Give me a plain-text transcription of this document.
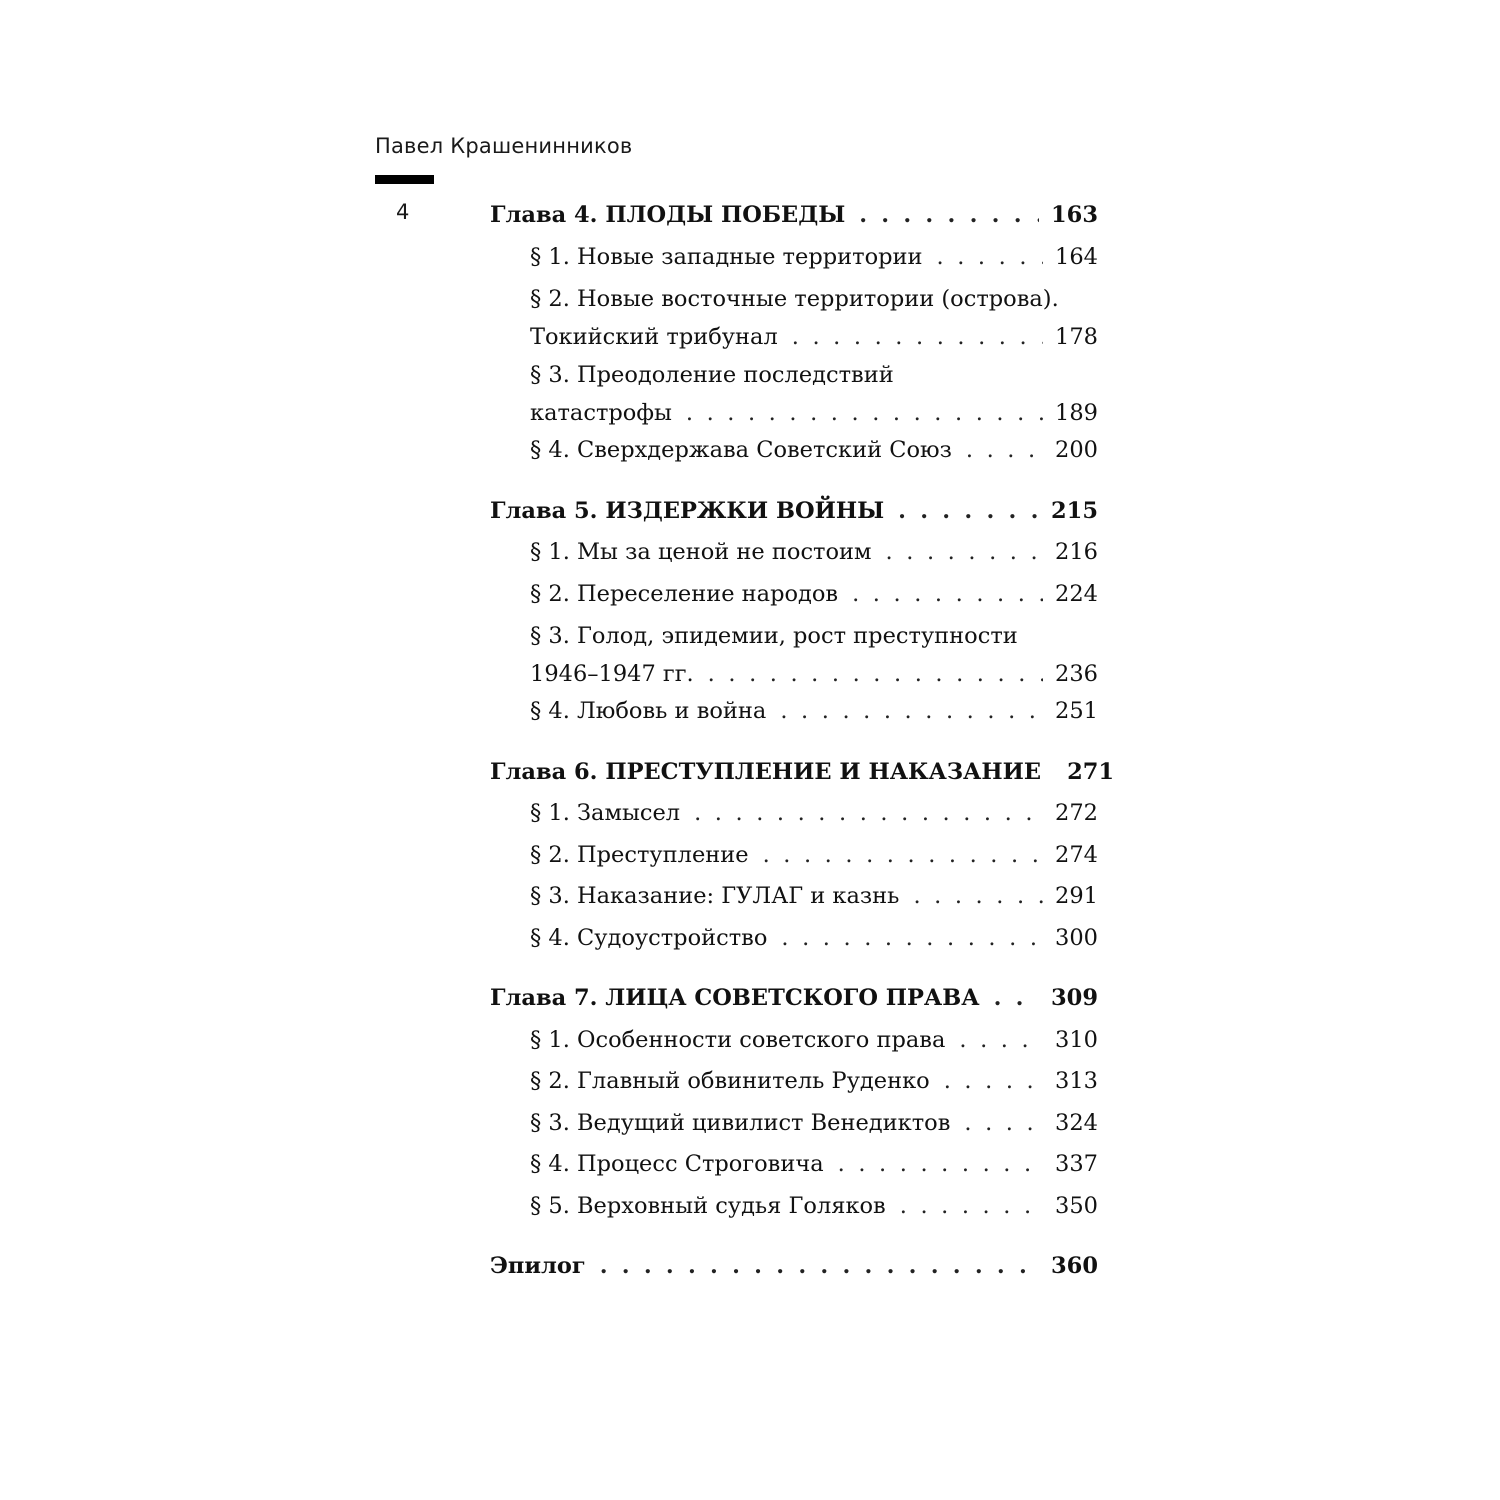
Павел Крашенинников
4	Глава 4. ПЛОДЫ ПОБЕДЫ . . .	163
§ 1. Новые западные территории . . .	164
§ 2. Новые восточные территории (острова).
Токийский трибунал . . .	178
§ 3. Преодоление последствий
катастрофы . . .	189
§ 4. Сверхдержава Советский Союз . . .	200
Глава 5. ИЗДЕРЖКИ ВОЙНЫ . . .	215
§ 1. Мы за ценой не постоим . . .	216
§ 2. Переселение народов . . .	224
§ 3. Голод, эпидемии, рост преступности
1946–1947 гг. . . .	236
§ 4. Любовь и война . . .	251
Глава 6. ПРЕСТУПЛЕНИЕ И НАКАЗАНИЕ 271
§ 1. Замысел . . .	272
§ 2. Преступление . . .	274
§ 3. Наказание: ГУЛАГ и казнь . . .	291
§ 4. Судоустройство . . .	300
Глава 7. ЛИЦА СОВЕТСКОГО ПРАВА . . .	309
§ 1. Особенности советского права . . .	310
§ 2. Главный обвинитель Руденко . . .	313
§ 3. Ведущий цивилист Венедиктов . . .	324
§ 4. Процесс Строговича . . .	337
§ 5. Верховный судья Голяков . . .	350
Эпилог . . .	360
